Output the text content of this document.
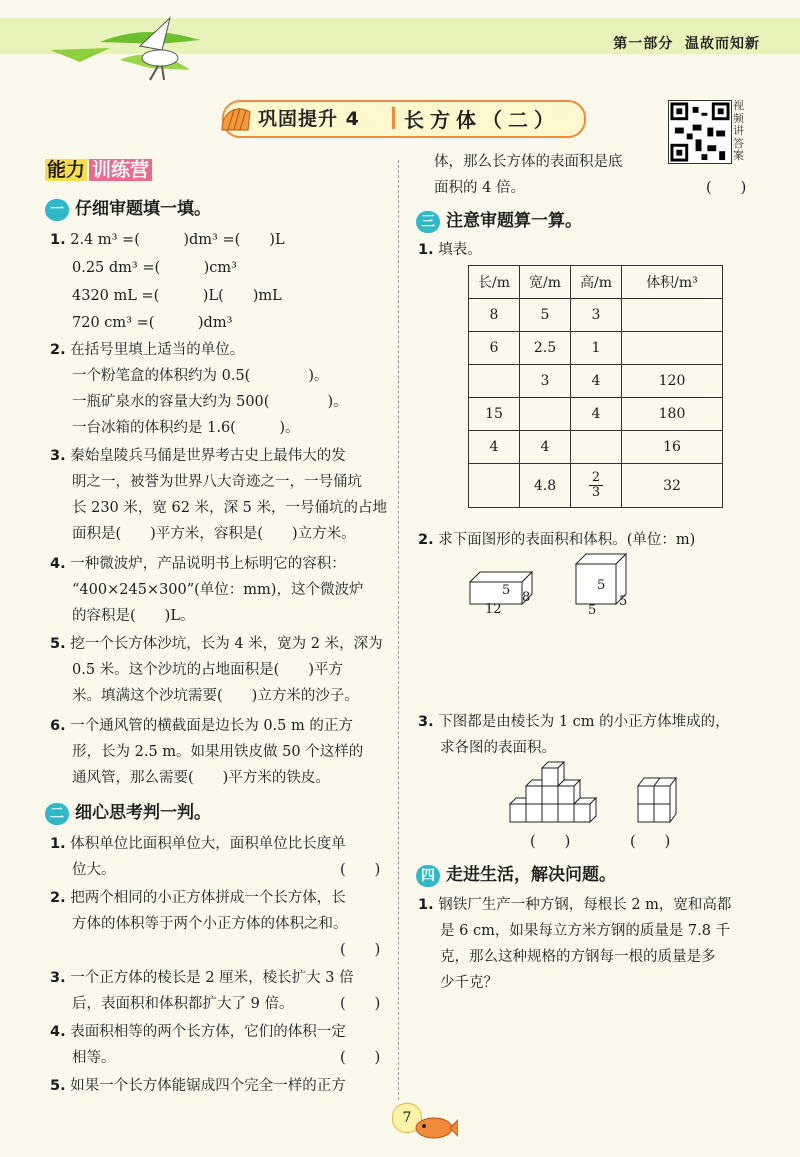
第一部分 温故而知新
巩固提升 4 长方体（二）
视频讲答案
能力 训练营
一 仔细审题填一填。
1. 2.4 m³ =(　　　)dm³ =(　　)L
0.25 dm³ =(　　　)cm³
4320 mL =(　　　)L(　　)mL
720 cm³ =(　　　)dm³
2. 在括号里填上适当的单位。
一个粉笔盒的体积约为 0.5(　　　　)。
一瓶矿泉水的容量大约为 500(　　　　)。
一台冰箱的体积约是 1.6(　　　)。
3. 秦始皇陵兵马俑是世界考古史上最伟大的发
明之一，被誉为世界八大奇迹之一，一号俑坑
长 230 米，宽 62 米，深 5 米，一号俑坑的占地
面积是(　　)平方米，容积是(　　)立方米。
4. 一种微波炉，产品说明书上标明它的容积：
“400×245×300”(单位：mm)，这个微波炉
的容积是(　　)L。
5. 挖一个长方体沙坑，长为 4 米，宽为 2 米，深为
0.5 米。这个沙坑的占地面积是(　　)平方
米。填满这个沙坑需要(　　)立方米的沙子。
6. 一个通风管的横截面是边长为 0.5 m 的正方
形，长为 2.5 m。如果用铁皮做 50 个这样的
通风管，那么需要(　　)平方米的铁皮。
二 细心思考判一判。
1. 体积单位比面积单位大，面积单位比长度单
位大。	(　　)
2. 把两个相同的小正方体拼成一个长方体，长
方体的体积等于两个小正方体的体积之和。
(　　)
3. 一个正方体的棱长是 2 厘米，棱长扩大 3 倍
后，表面积和体积都扩大了 9 倍。	(　　)
4. 表面积相等的两个长方体，它们的体积一定
相等。	(　　)
5. 如果一个长方体能锯成四个完全一样的正方
体，那么长方体的表面积是底
面积的 4 倍。	(　　)
三 注意审题算一算。
1. 填表。
长/m	宽/m	高/m	体积/m³
8	5	3	
6	2.5	1	
	3	4	120
15		4	180
4	4		16
	4.8	$\frac{2}{3}$	32
2. 求下面图形的表面积和体积。(单位：m)
5 8
12
5
5
5
3. 下图都是由棱长为 1 cm 的小正方体堆成的，
求各图的表面积。
(　　)	(　　)
四 走进生活，解决问题。
1. 钢铁厂生产一种方钢，每根长 2 m，宽和高都
是 6 cm，如果每立方米方钢的质量是 7.8 千
克，那么这种规格的方钢每一根的质量是多
少千克？
7
